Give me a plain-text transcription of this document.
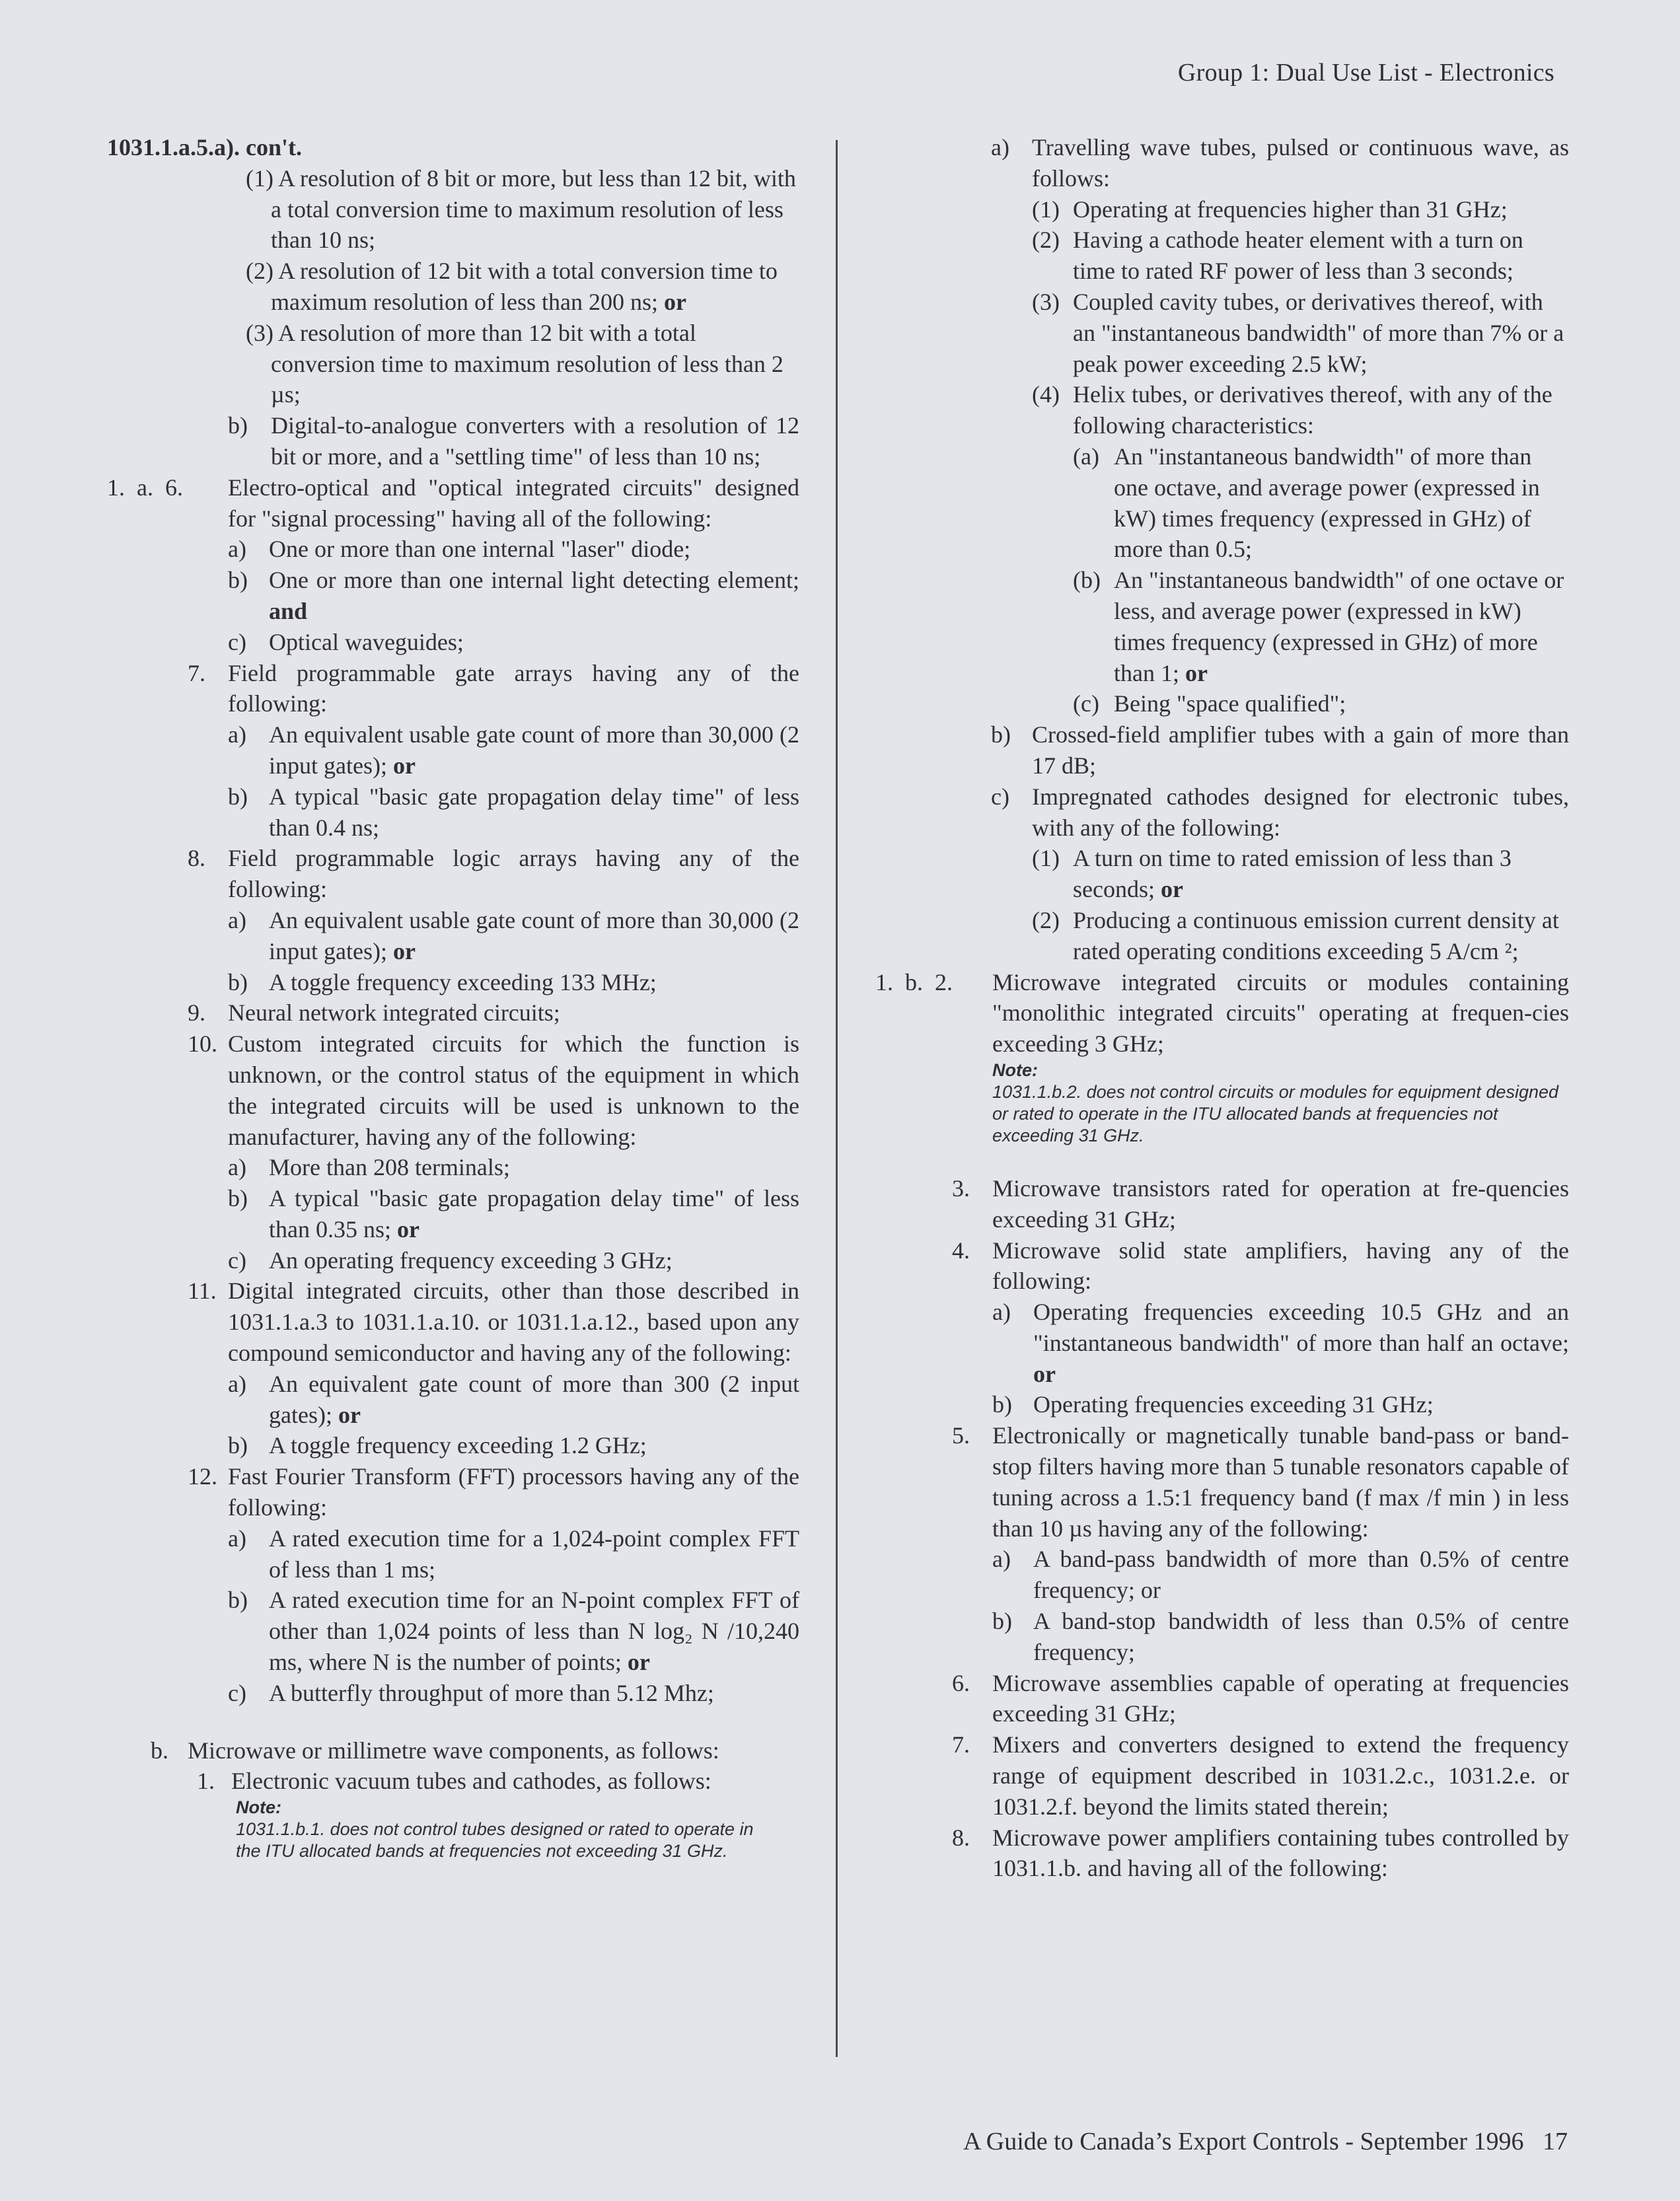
Group 1: Dual Use List - Electronics
1031.1.a.5.a). con't.
(1) A resolution of 8 bit or more, but less than 12 bit, with a total conversion time to maximum resolution of less than 10 ns;
(2) A resolution of 12 bit with a total conversion time to maximum resolution of less than 200 ns; or
(3) A resolution of more than 12 bit with a total conversion time to maximum resolution of less than 2 µs;
b) Digital-to-analogue converters with a resolution of 12 bit or more, and a "settling time" of less than 10 ns;
1.  a.  6.	Electro-optical and "optical integrated circuits" designed for "signal processing" having all of the following:
a) One or more than one internal "laser" diode;
b) One or more than one internal light detecting element; and
c) Optical waveguides;
7. Field programmable gate arrays having any of the following:
a) An equivalent usable gate count of more than 30,000 (2 input gates); or
b) A typical "basic gate propagation delay time" of less than 0.4 ns;
8. Field programmable logic arrays having any of the following:
a) An equivalent usable gate count of more than 30,000 (2 input gates); or
b) A toggle frequency exceeding 133 MHz;
9. Neural network integrated circuits;
10. Custom integrated circuits for which the function is unknown, or the control status of the equipment in which the integrated circuits will be used is unknown to the manufacturer, having any of the following:
a) More than 208 terminals;
b) A typical "basic gate propagation delay time" of less than 0.35 ns; or
c) An operating frequency exceeding 3 GHz;
11. Digital integrated circuits, other than those described in 1031.1.a.3 to 1031.1.a.10. or 1031.1.a.12., based upon any compound semiconductor and having any of the following:
a) An equivalent gate count of more than 300 (2 input gates); or
b) A toggle frequency exceeding 1.2 GHz;
12. Fast Fourier Transform (FFT) processors having any of the following:
a) A rated execution time for a 1,024-point complex FFT of less than 1 ms;
b) A rated execution time for an N-point complex FFT of other than 1,024 points of less than N log₂ N /10,240 ms, where N is the number of points; or
c) A butterfly throughput of more than 5.12 Mhz;
b. Microwave or millimetre wave components, as follows:
1. Electronic vacuum tubes and cathodes, as follows:
Note:
1031.1.b.1. does not control tubes designed or rated to operate in the ITU allocated bands at frequencies not exceeding 31 GHz.
a) Travelling wave tubes, pulsed or continuous wave, as follows:
(1) Operating at frequencies higher than 31 GHz;
(2) Having a cathode heater element with a turn on time to rated RF power of less than 3 seconds;
(3) Coupled cavity tubes, or derivatives thereof, with an "instantaneous bandwidth" of more than 7% or a peak power exceeding 2.5 kW;
(4) Helix tubes, or derivatives thereof, with any of the following characteristics:
(a) An "instantaneous bandwidth" of more than one octave, and average power (expressed in kW) times frequency (expressed in GHz) of more than 0.5;
(b) An "instantaneous bandwidth" of one octave or less, and average power (expressed in kW) times frequency (expressed in GHz) of more than 1; or
(c) Being "space qualified";
b) Crossed-field amplifier tubes with a gain of more than 17 dB;
c) Impregnated cathodes designed for electronic tubes, with any of the following:
(1) A turn on time to rated emission of less than 3 seconds; or
(2) Producing a continuous emission current density at rated operating conditions exceeding 5 A/cm ²;
1.  b.  2.	Microwave integrated circuits or modules containing "monolithic integrated circuits" operating at frequen-cies exceeding 3 GHz;
Note:
1031.1.b.2. does not control circuits or modules for equipment designed or rated to operate in the ITU allocated bands at frequencies not exceeding 31 GHz.
3. Microwave transistors rated for operation at fre-quencies exceeding 31 GHz;
4. Microwave solid state amplifiers, having any of the following:
a) Operating frequencies exceeding 10.5 GHz and an "instantaneous bandwidth" of more than half an octave; or
b) Operating frequencies exceeding 31 GHz;
5. Electronically or magnetically tunable band-pass or band-stop filters having more than 5 tunable resonators capable of tuning across a 1.5:1 frequency band (f max /f min ) in less than 10 µs having any of the following:
a) A band-pass bandwidth of more than 0.5% of centre frequency; or
b) A band-stop bandwidth of less than 0.5% of centre frequency;
6. Microwave assemblies capable of operating at frequencies exceeding 31 GHz;
7. Mixers and converters designed to extend the frequency range of equipment described in 1031.2.c., 1031.2.e. or 1031.2.f. beyond the limits stated therein;
8. Microwave power amplifiers containing tubes controlled by 1031.1.b. and having all of the following:
A Guide to Canada’s Export Controls - September 1996 17
